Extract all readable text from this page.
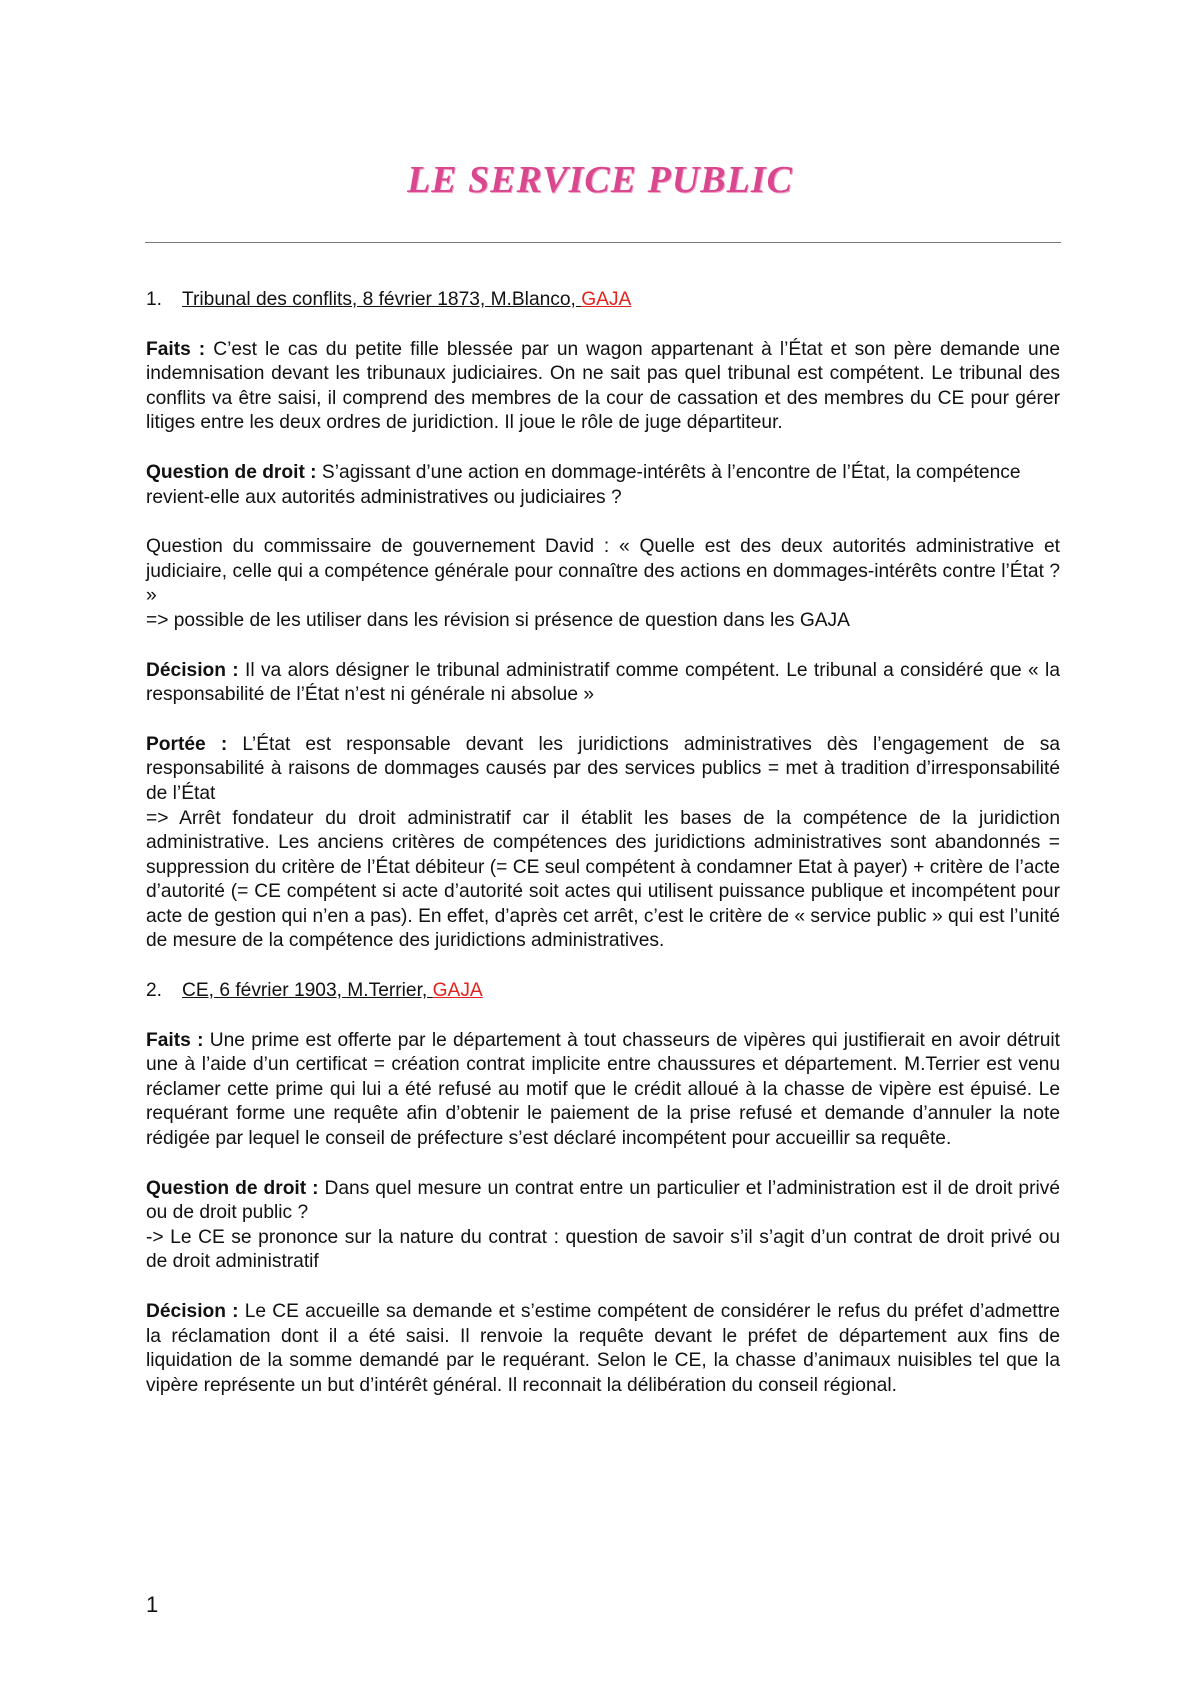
LE SERVICE PUBLIC
1.	Tribunal des conflits, 8 février 1873, M.Blanco, GAJA

Faits : C’est le cas du petite fille blessée par un wagon appartenant à l’État et son père demande une indemnisation devant les tribunaux judiciaires. On ne sait pas quel tribunal est compétent. Le tribunal des conflits va être saisi, il comprend des membres de la cour de cassation et des membres du CE pour gérer litiges entre les deux ordres de juridiction. Il joue le rôle de juge départiteur.

Question de droit : S’agissant d’une action en dommage-intérêts à l’encontre de l’État, la compétence revient-elle aux autorités administratives ou judiciaires ?

Question du commissaire de gouvernement David : « Quelle est des deux autorités administrative et judiciaire, celle qui a compétence générale pour connaître des actions en dommages-intérêts contre l’État ? »
=> possible de les utiliser dans les révision si présence de question dans les GAJA

Décision : Il va alors désigner le tribunal administratif comme compétent. Le tribunal a considéré que « la responsabilité de l’État n’est ni générale ni absolue »

Portée : L’État est responsable devant les juridictions administratives dès l’engagement de sa responsabilité à raisons de dommages causés par des services publics = met à tradition d’irresponsabilité de l’État
=> Arrêt fondateur du droit administratif car il établit les bases de la compétence de la juridiction administrative. Les anciens critères de compétences des juridictions administratives sont abandonnés = suppression du critère de l’État débiteur (= CE seul compétent à condamner Etat à payer) + critère de l’acte d’autorité (= CE compétent si acte d’autorité soit actes qui utilisent puissance publique et incompétent pour acte de gestion qui n’en a pas). En effet, d’après cet arrêt, c’est le critère de « service public » qui est l’unité de mesure de la compétence des juridictions administratives.

2.	CE, 6 février 1903, M.Terrier, GAJA

Faits : Une prime est offerte par le département à tout chasseurs de vipères qui justifierait en avoir détruit une à l’aide d’un certificat = création contrat implicite entre chaussures et département. M.Terrier est venu réclamer cette prime qui lui a été refusé au motif que le crédit alloué à la chasse de vipère est épuisé. Le requérant forme une requête afin d’obtenir le paiement de la prise refusé et demande d’annuler la note rédigée par lequel le conseil de préfecture s’est déclaré incompétent pour accueillir sa requête.

Question de droit : Dans quel mesure un contrat entre un particulier et l’administration est il de droit privé ou de droit public ?
-> Le CE se prononce sur la nature du contrat : question de savoir s’il s’agit d’un contrat de droit privé ou de droit administratif

Décision : Le CE accueille sa demande et s’estime compétent de considérer le refus du préfet d’admettre la réclamation dont il a été saisi. Il renvoie la requête devant le préfet de département aux fins de liquidation de la somme demandé par le requérant. Selon le CE, la chasse d’animaux nuisibles tel que la vipère représente un but d’intérêt général. Il reconnait la délibération du conseil régional.

1
